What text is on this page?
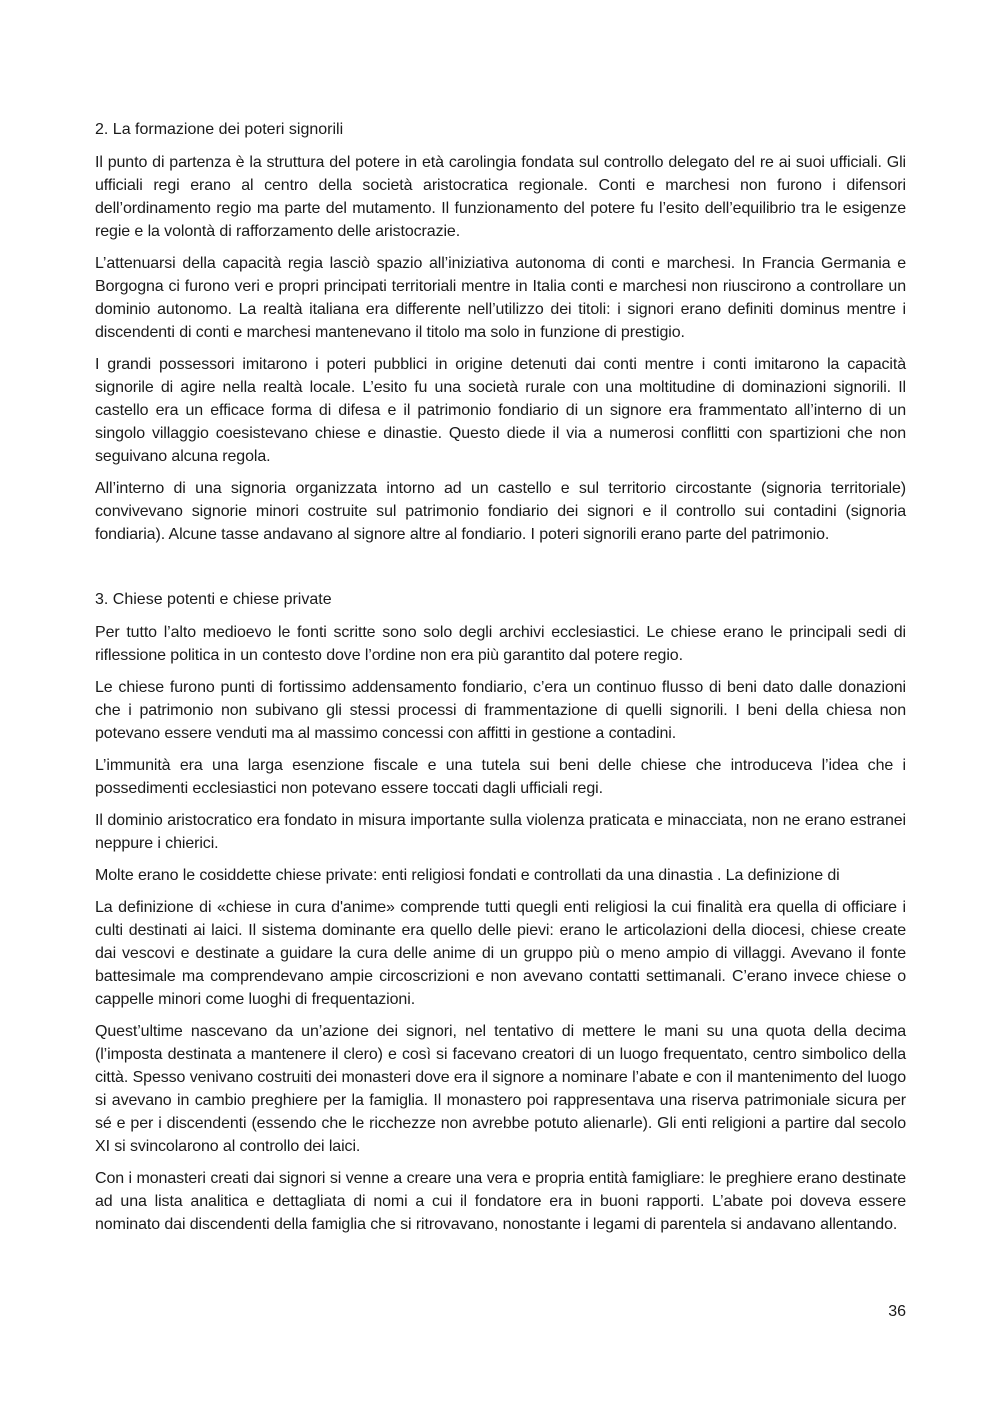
2. La formazione dei poteri signorili

Il punto di partenza è la struttura del potere in età carolingia fondata sul controllo delegato del re ai suoi ufficiali. Gli ufficiali regi erano al centro della società aristocratica regionale. Conti e marchesi non furono i difensori dell’ordinamento regio ma parte del mutamento. Il funzionamento del potere fu l’esito dell’equilibrio tra le esigenze regie e la volontà di rafforzamento delle aristocrazie.

L’attenuarsi della capacità regia lasciò spazio all’iniziativa autonoma di conti e marchesi. In Francia Germania e Borgogna ci furono veri e propri principati territoriali mentre in Italia conti e marchesi non riuscirono a controllare un dominio autonomo. La realtà italiana era differente nell’utilizzo dei titoli: i signori erano definiti dominus mentre i discendenti di conti e marchesi mantenevano il titolo ma solo in funzione di prestigio.

I grandi possessori imitarono i poteri pubblici in origine detenuti dai conti mentre i conti imitarono la capacità signorile di agire nella realtà locale. L’esito fu una società rurale con una moltitudine di dominazioni signorili. Il castello era un efficace forma di difesa e il patrimonio fondiario di un signore era frammentato all’interno di un singolo villaggio coesistevano chiese e dinastie. Questo diede il via a numerosi conflitti con spartizioni che non seguivano alcuna regola.

All’interno di una signoria organizzata intorno ad un castello e sul territorio circostante (signoria territoriale) convivevano signorie minori costruite sul patrimonio fondiario dei signori e il controllo sui contadini (signoria fondiaria). Alcune tasse andavano al signore altre al fondiario. I poteri signorili erano parte del patrimonio.

3. Chiese potenti e chiese private

Per tutto l’alto medioevo le fonti scritte sono solo degli archivi ecclesiastici. Le chiese erano le principali sedi di riflessione politica in un contesto dove l’ordine non era più garantito dal potere regio.

Le chiese furono punti di fortissimo addensamento fondiario, c’era un continuo flusso di beni dato dalle donazioni che i patrimonio non subivano gli stessi processi di frammentazione di quelli signorili. I beni della chiesa non potevano essere venduti ma al massimo concessi con affitti in gestione a contadini.

L’immunità era una larga esenzione fiscale e una tutela sui beni delle chiese che introduceva l’idea che i possedimenti ecclesiastici non potevano essere toccati dagli ufficiali regi.

Il dominio aristocratico era fondato in misura importante sulla violenza praticata e minacciata, non ne erano estranei neppure i chierici.

Molte erano le cosiddette chiese private: enti religiosi fondati e controllati da una dinastia . La definizione di

La definizione di «chiese in cura d'anime» comprende tutti quegli enti religiosi la cui finalità era quella di officiare i culti destinati ai laici. Il sistema dominante era quello delle pievi: erano le articolazioni della diocesi, chiese create dai vescovi e destinate a guidare la cura delle anime di un gruppo più o meno ampio di villaggi. Avevano il fonte battesimale ma comprendevano ampie circoscrizioni e non avevano contatti settimanali. C’erano invece chiese o cappelle minori come luoghi di frequentazioni.

Quest’ultime nascevano da un’azione dei signori, nel tentativo di mettere le mani su una quota della decima (l’imposta destinata a mantenere il clero) e così si facevano creatori di un luogo frequentato, centro simbolico della città. Spesso venivano costruiti dei monasteri dove era il signore a nominare l’abate e con il mantenimento del luogo si avevano in cambio preghiere per la famiglia. Il monastero poi rappresentava una riserva patrimoniale sicura per sé e per i discendenti (essendo che le ricchezze non avrebbe potuto alienarle). Gli enti religioni a partire dal secolo XI si svincolarono al controllo dei laici.

Con i monasteri creati dai signori si venne a creare una vera e propria entità famigliare: le preghiere erano destinate ad una lista analitica e dettagliata di nomi a cui il fondatore era in buoni rapporti. L’abate poi doveva essere nominato dai discendenti della famiglia che si ritrovavano, nonostante i legami di parentela si andavano allentando.

36
